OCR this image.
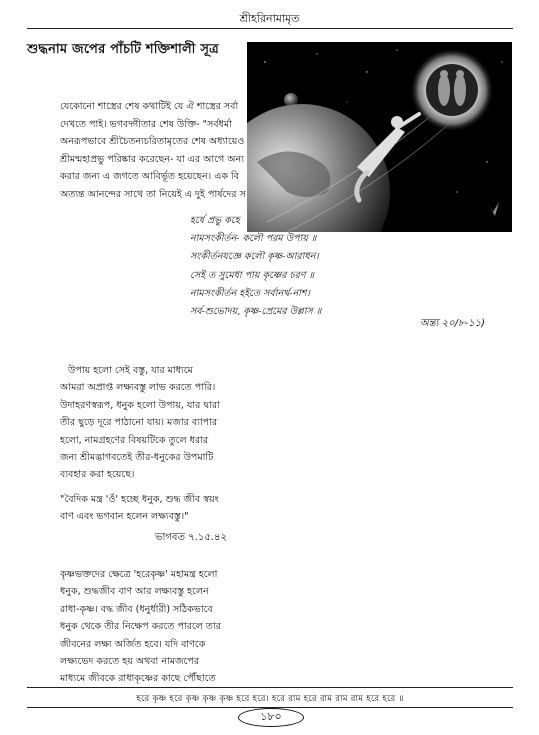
শ্রীহরিনামামৃত
শুদ্ধনাম জপের পাঁচটি শক্তিশালী সূত্র

যেকোনো শাস্ত্রের শেষ কথাটিই যে ঐ শাস্ত্রের সর্বা

দেখতে পাই। ভগবদ্গীতার শেষ উক্তি- "সর্বধর্মা

অনরূপভাবে শ্রীচৈতন্যচরিতামৃতের শেষ অধ্যায়েও

শ্রীমন্মহাপ্রভু পরিষ্কার করেছেন- যা এর আগে অন্য

করার জন্য এ জগতে আবির্ভূত হয়েছেন। এক বি

অত্যন্ত আনন্দের সাথে তা নিয়েই এ দুই পার্ষদের স

হর্ষে প্রভু কহে

নামসংকীর্তন- কলৌ পরম উপায় ॥

সংকীর্তনযজ্ঞে কলৌ কৃষ্ণ-আরাধন।

সেই ত সুমেধা পায় কৃষ্ণের চরণ ॥

নামসংকীর্তন হইতে সর্বানর্থ-নাশ।

সর্ব-শুভোদয়, কৃষ্ণ-প্রেমের উল্লাস ॥

অন্ত্য ২০/৮-১১)

উপায় হলো সেই বস্তু, যার মাধ্যমে

আমরা অপ্রাপ্ত লক্ষ্যবস্তু লাভ করতে পারি।

উদাহরণস্বরূপ, ধনুক হলো উপায়, যার দ্বারা

তীর ছুড়ে দূরে পাঠানো যায়। মজার ব্যাপার

হলো, নামগ্রহণের বিষয়টিকে তুলে ধরার

জন্য শ্রীমদ্ভাগবতেই তীর-ধনুকের উপমাটি

ব্যবহার করা হয়েছে।

"বৈদিক মন্ত্র 'ওঁ' হচ্ছে ধনুক, শুদ্ধ জীব স্বয়ং

বাণ এবং ভগবান হলেন লক্ষ্যবস্তু।"

ভাগবত ৭.১৫.৪২

কৃষ্ণভক্তদের ক্ষেত্রে 'হরেকৃষ্ণ' মহামন্ত্র হলো

ধনুক, শুদ্ধজীব বাণ আর লক্ষ্যবস্তু হলেন

রাধা-কৃষ্ণ। বদ্ধ জীব (ধনুর্ধারী) সঠিকভাবে

ধনুক থেকে তীর নিক্ষেপ করতে পারলে তার

জীবনের লক্ষ্য অর্জিত হবে। যদি বাণকে

লক্ষ্যভেদ করতে হয় অথবা নামজপের

মাধ্যমে জীবকে রাধাকৃষ্ণের কাছে পৌঁছাতে

হরে কৃষ্ণ হরে কৃষ্ণ কৃষ্ণ কৃষ্ণ হরে হরে। হরে রাম হরে রাম রাম রাম হরে হরে ॥
১৮০
